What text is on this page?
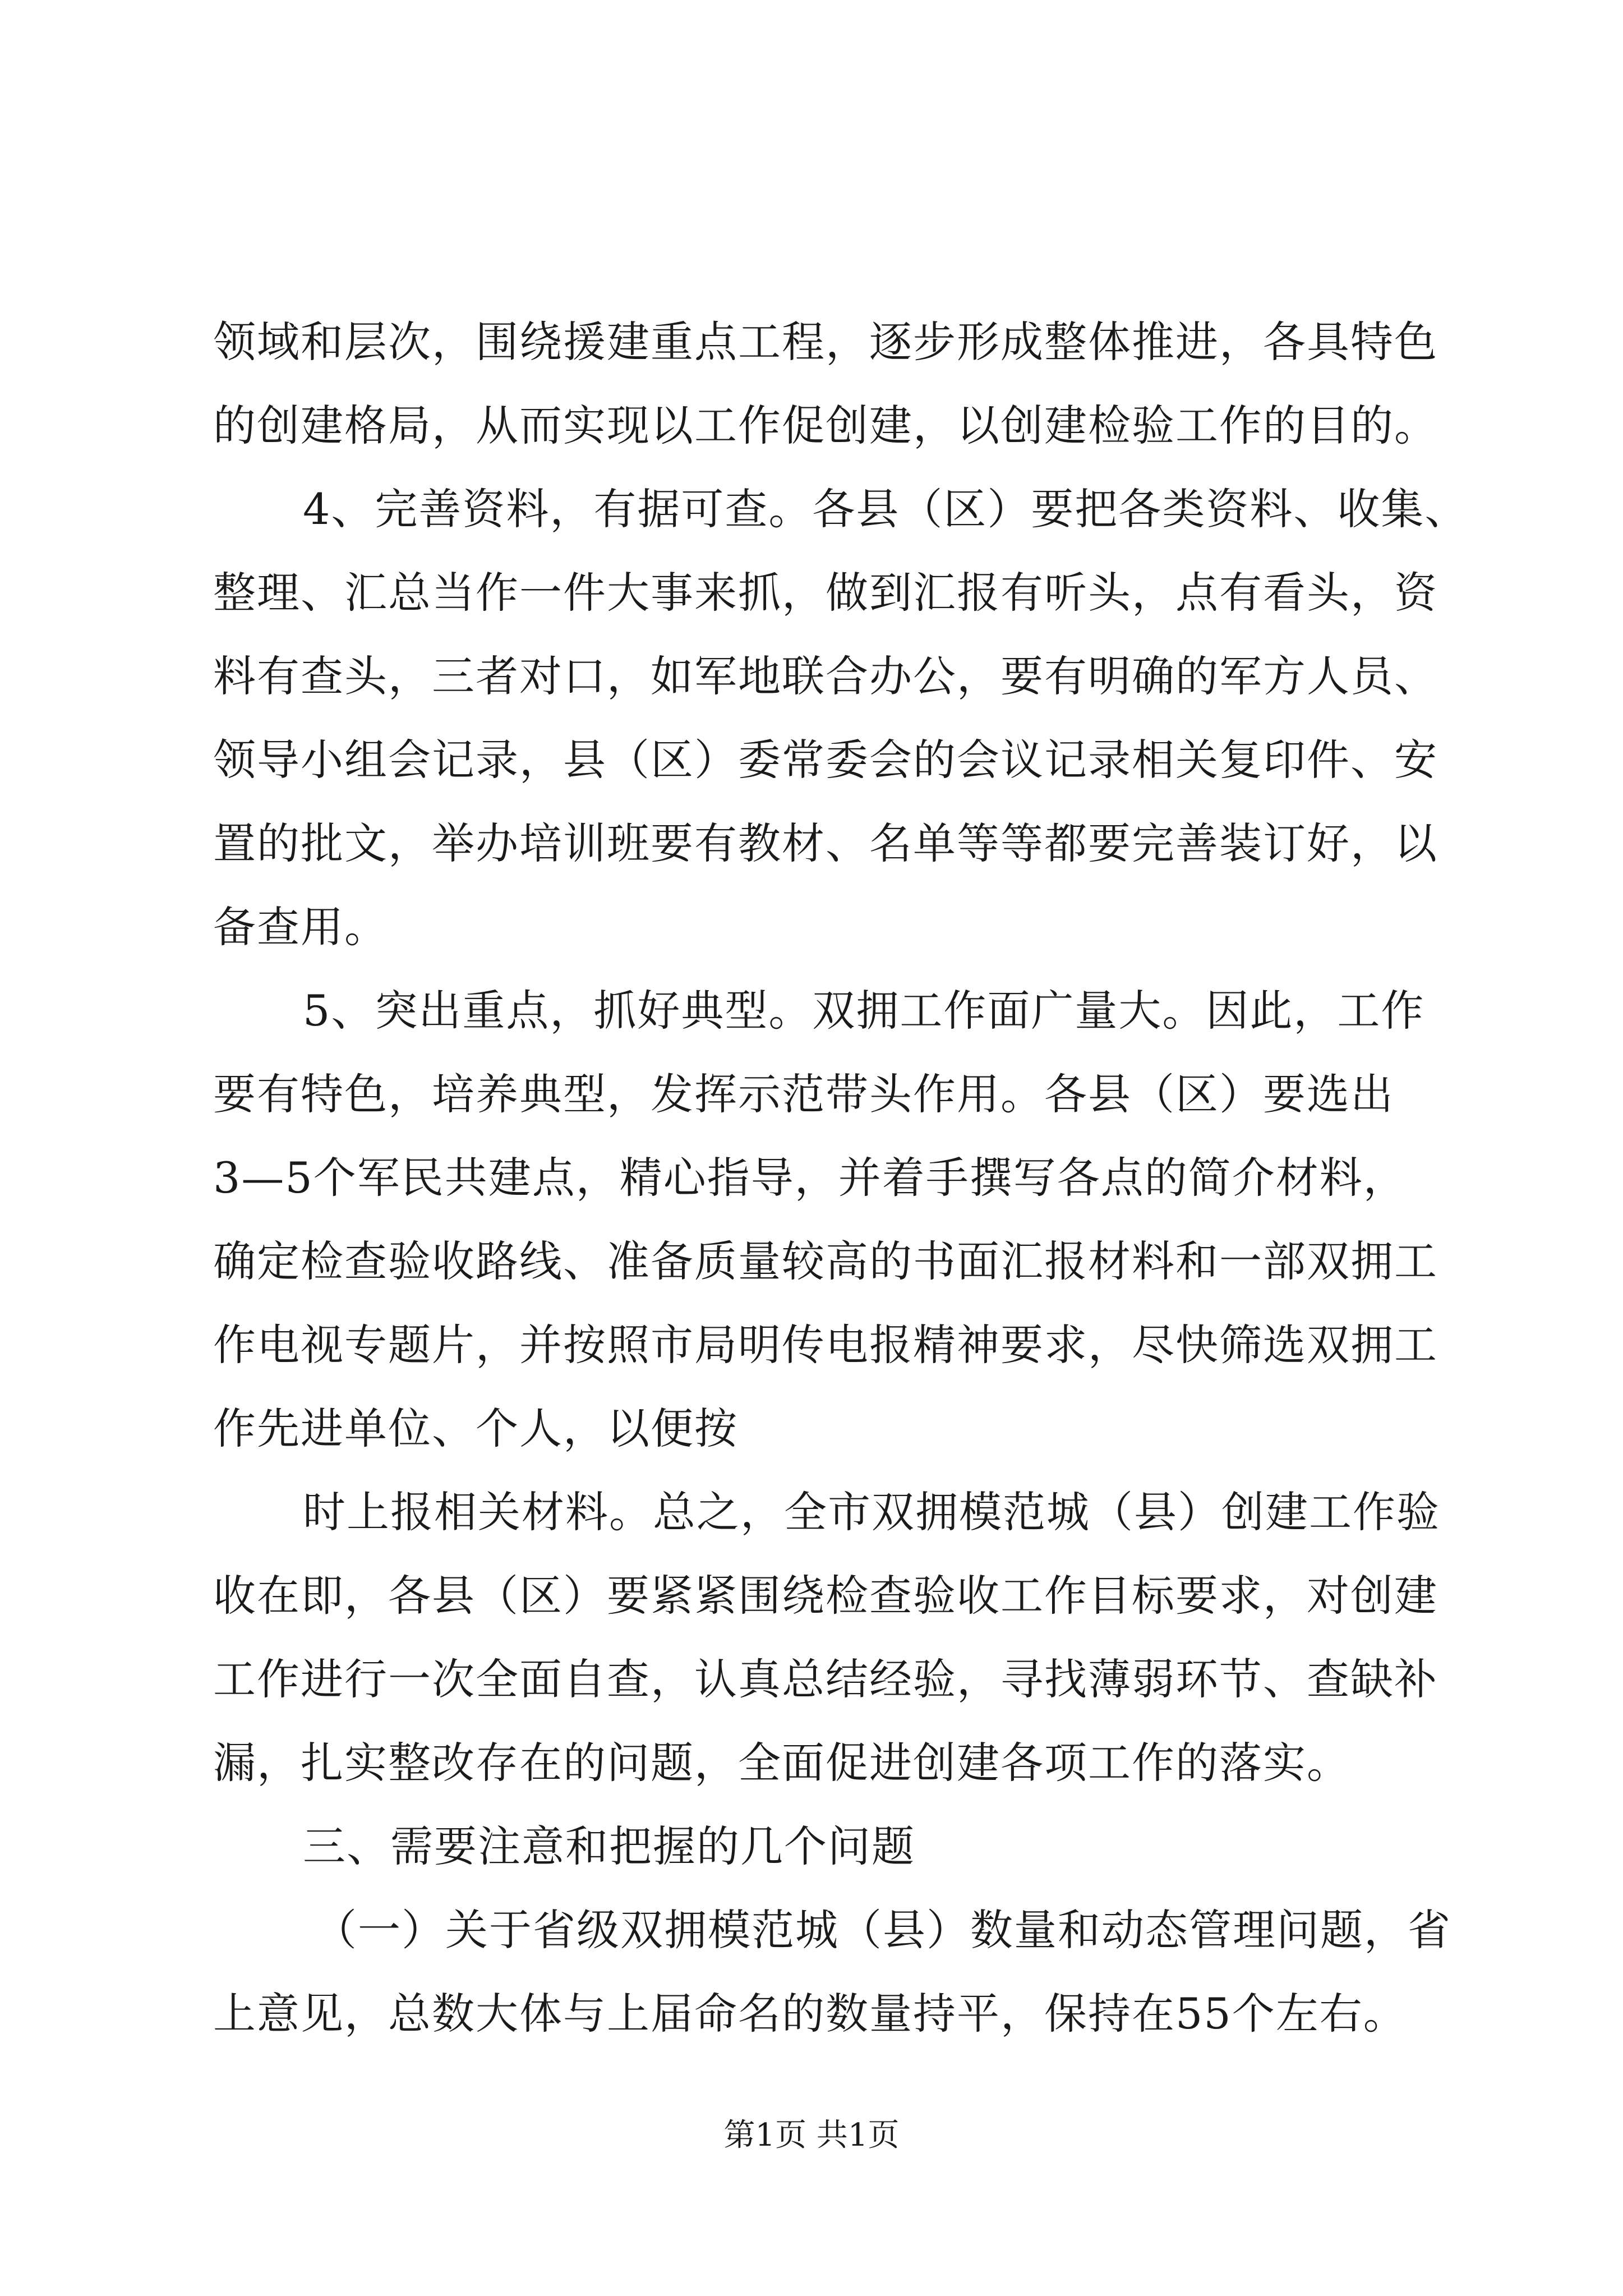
领域和层次，围绕援建重点工程，逐步形成整体推进，各具特色
的创建格局，从而实现以工作促创建，以创建检验工作的目的。
4、完善资料，有据可查。各县（区）要把各类资料、收集、
整理、汇总当作一件大事来抓，做到汇报有听头，点有看头，资
料有查头，三者对口，如军地联合办公，要有明确的军方人员、
领导小组会记录，县（区）委常委会的会议记录相关复印件、安
置的批文，举办培训班要有教材、名单等等都要完善装订好，以
备查用。
5、突出重点，抓好典型。双拥工作面广量大。因此，工作
要有特色，培养典型，发挥示范带头作用。各县（区）要选出
3—5个军民共建点，精心指导，并着手撰写各点的简介材料，
确定检查验收路线、准备质量较高的书面汇报材料和一部双拥工
作电视专题片，并按照市局明传电报精神要求，尽快筛选双拥工
作先进单位、个人，以便按
时上报相关材料。总之，全市双拥模范城（县）创建工作验
收在即，各县（区）要紧紧围绕检查验收工作目标要求，对创建
工作进行一次全面自查，认真总结经验，寻找薄弱环节、查缺补
漏，扎实整改存在的问题，全面促进创建各项工作的落实。
三、需要注意和把握的几个问题
（一）关于省级双拥模范城（县）数量和动态管理问题，省
上意见，总数大体与上届命名的数量持平，保持在55个左右。
第1页 共1页
